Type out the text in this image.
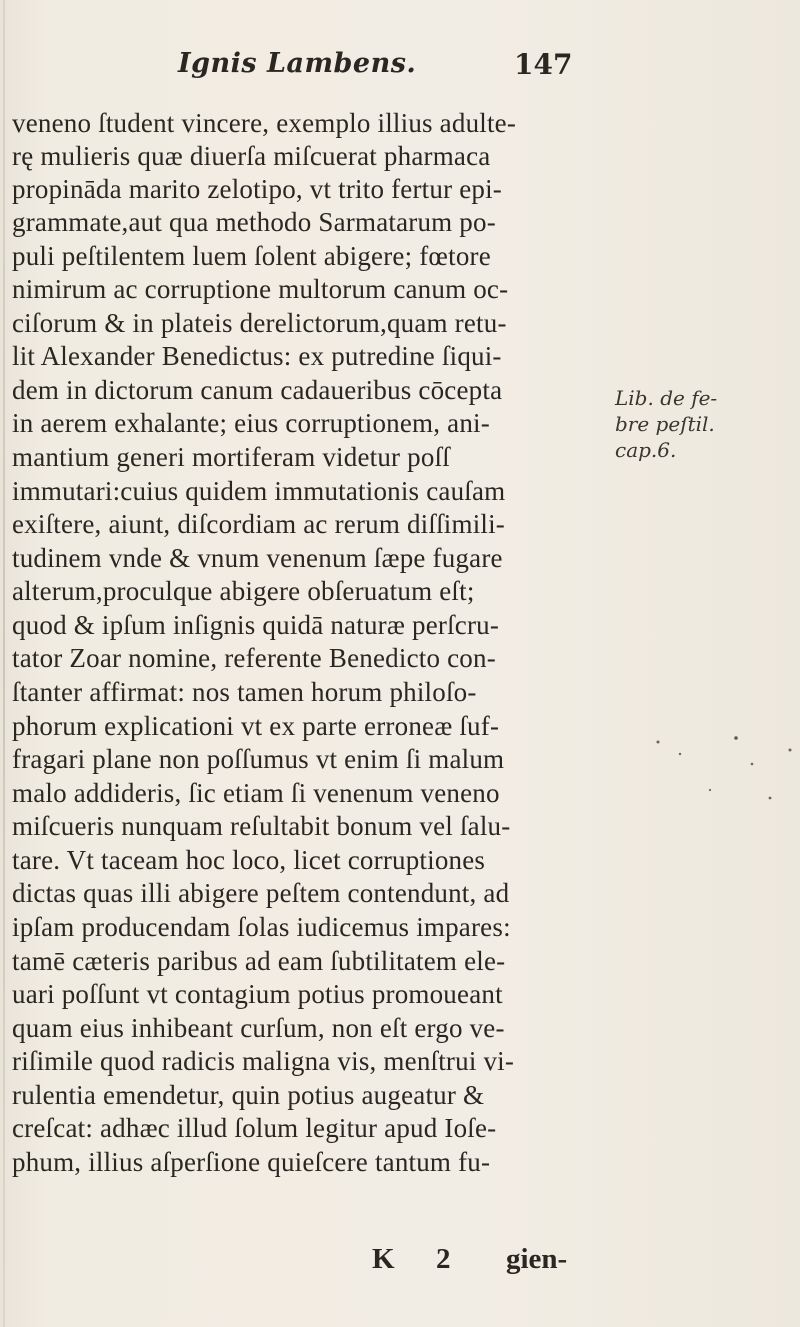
Ignis Lambens.	147
veneno ſtudent vincere, exemplo illius adulte-
rę mulieris quæ diuerſa miſcuerat pharmaca
propināda marito zelotipo, vt trito fertur epi-
grammate,aut qua methodo Sarmatarum po-
puli peſtilentem luem ſolent abigere; fœtore
nimirum ac corruptione multorum canum oc-
ciſorum & in plateis derelictorum,quam retu-
lit Alexander Benedictus: ex putredine ſiqui-
dem in dictorum canum cadaueribus cōcepta
in aerem exhalante; eius corruptionem, ani-
mantium generi mortiferam videtur poſſ
immutari:cuius quidem immutationis cauſam
exiſtere, aiunt, diſcordiam ac rerum diſſimili-
tudinem vnde & vnum venenum ſæpe fugare
alterum,proculque abigere obſeruatum eſt;
quod & ipſum inſignis quidā naturæ perſcru-
tator Zoar nomine, referente Benedicto con-
ſtanter affirmat: nos tamen horum philoſo-
phorum explicationi vt ex parte erroneæ ſuf-
fragari plane non poſſumus vt enim ſi malum
malo addideris, ſic etiam ſi venenum veneno
miſcueris nunquam reſultabit bonum vel ſalu-
tare. Vt taceam hoc loco, licet corruptiones
dictas quas illi abigere peſtem contendunt, ad
ipſam producendam ſolas iudicemus impares:
tamē cæteris paribus ad eam ſubtilitatem ele-
uari poſſunt vt contagium potius promoueant
quam eius inhibeant curſum, non eſt ergo ve-
riſimile quod radicis maligna vis, menſtrui vi-
rulentia emendetur, quin potius augeatur &
creſcat: adhæc illud ſolum legitur apud Ioſe-
phum, illius aſperſione quieſcere tantum fu-
Lib. de fe-
bre peſtil.
cap.6.
K 2 gien-
